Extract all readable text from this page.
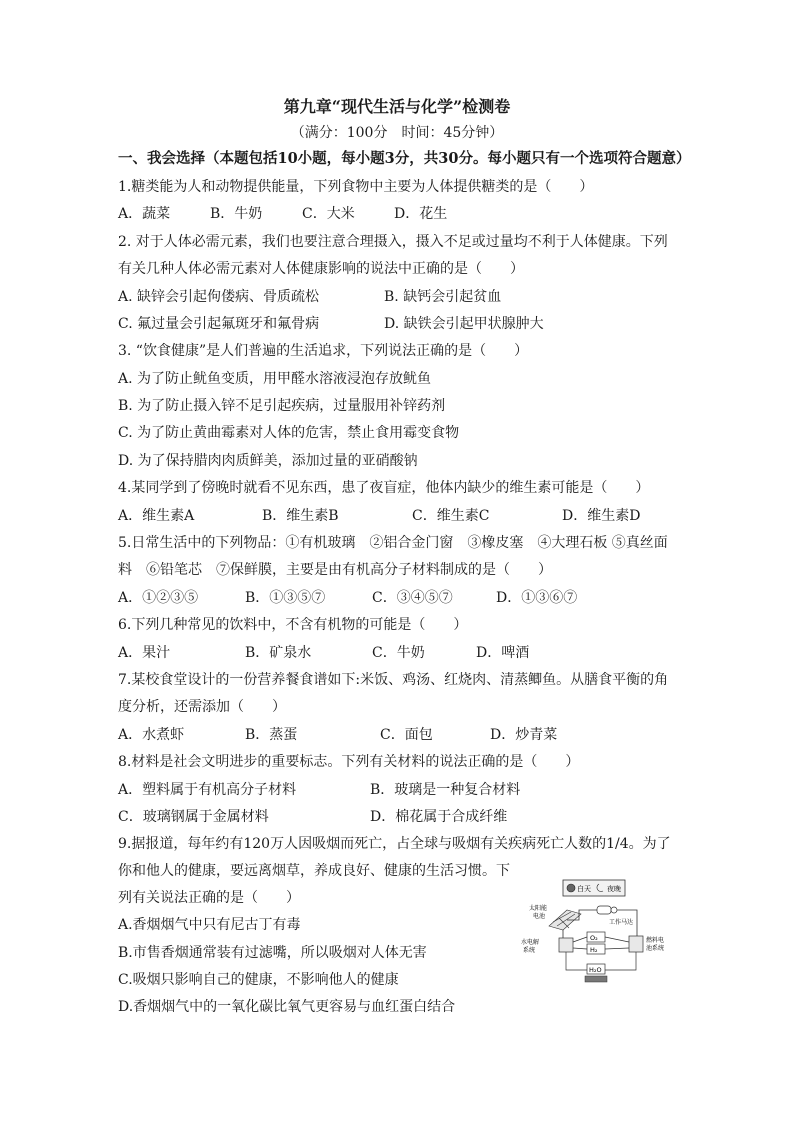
第九章“现代生活与化学”检测卷
（满分：100分　时间：45分钟）
一、我会选择（本题包括10小题，每小题3分，共30分。每小题只有一个选项符合题意）
1.糖类能为人和动物提供能量，下列食物中主要为人体提供糖类的是（　　）
A．蔬菜	B．牛奶	C．大米	D．花生
2. 对于人体必需元素，我们也要注意合理摄入，摄入不足或过量均不利于人体健康。下列
有关几种人体必需元素对人体健康影响的说法中正确的是（　　）
A. 缺锌会引起佝偻病、骨质疏松	B. 缺钙会引起贫血
C. 氟过量会引起氟斑牙和氟骨病	D. 缺铁会引起甲状腺肿大
3. “饮食健康”是人们普遍的生活追求，下列说法正确的是（　　）
A. 为了防止鱿鱼变质，用甲醛水溶液浸泡存放鱿鱼
B. 为了防止摄入锌不足引起疾病，过量服用补锌药剂
C. 为了防止黄曲霉素对人体的危害，禁止食用霉变食物
D. 为了保持腊肉肉质鲜美，添加过量的亚硝酸钠
4.某同学到了傍晚时就看不见东西，患了夜盲症，他体内缺少的维生素可能是（　　）
A．维生素A	B．维生素B	C．维生素C	D．维生素D
5.日常生活中的下列物品：①有机玻璃　②铝合金门窗　③橡皮塞　④大理石板 ⑤真丝面
料　⑥铅笔芯　⑦保鲜膜，主要是由有机高分子材料制成的是（　　）
A．①②③⑤	B．①③⑤⑦	C．③④⑤⑦	D．①③⑥⑦
6.下列几种常见的饮料中，不含有机物的可能是（　　）
A．果汁	B．矿泉水	C．牛奶	D．啤酒
7.某校食堂设计的一份营养餐食谱如下:米饭、鸡汤、红烧肉、清蒸鲫鱼。从膳食平衡的角
度分析，还需添加（　　）
A．水煮虾	B．蒸蛋	C．面包	D．炒青菜
8.材料是社会文明进步的重要标志。下列有关材料的说法正确的是（　　）
A．塑料属于有机高分子材料	B．玻璃是一种复合材料
C．玻璃钢属于金属材料	D．棉花属于合成纤维
9.据报道，每年约有120万人因吸烟而死亡，占全球与吸烟有关疾病死亡人数的1/4。为了
你和他人的健康，要远离烟草，养成良好、健康的生活习惯。下
列有关说法正确的是（　　）
A.香烟烟气中只有尼古丁有毒
B.市售香烟通常装有过滤嘴，所以吸烟对人体无害
C.吸烟只影响自己的健康，不影响他人的健康
D.香烟烟气中的一氧化碳比氧气更容易与血红蛋白结合
白天 夜晚
太阳能
电池
工作马达
水电解
系统
O₂
H₂
燃料电
池系统
H₂O
